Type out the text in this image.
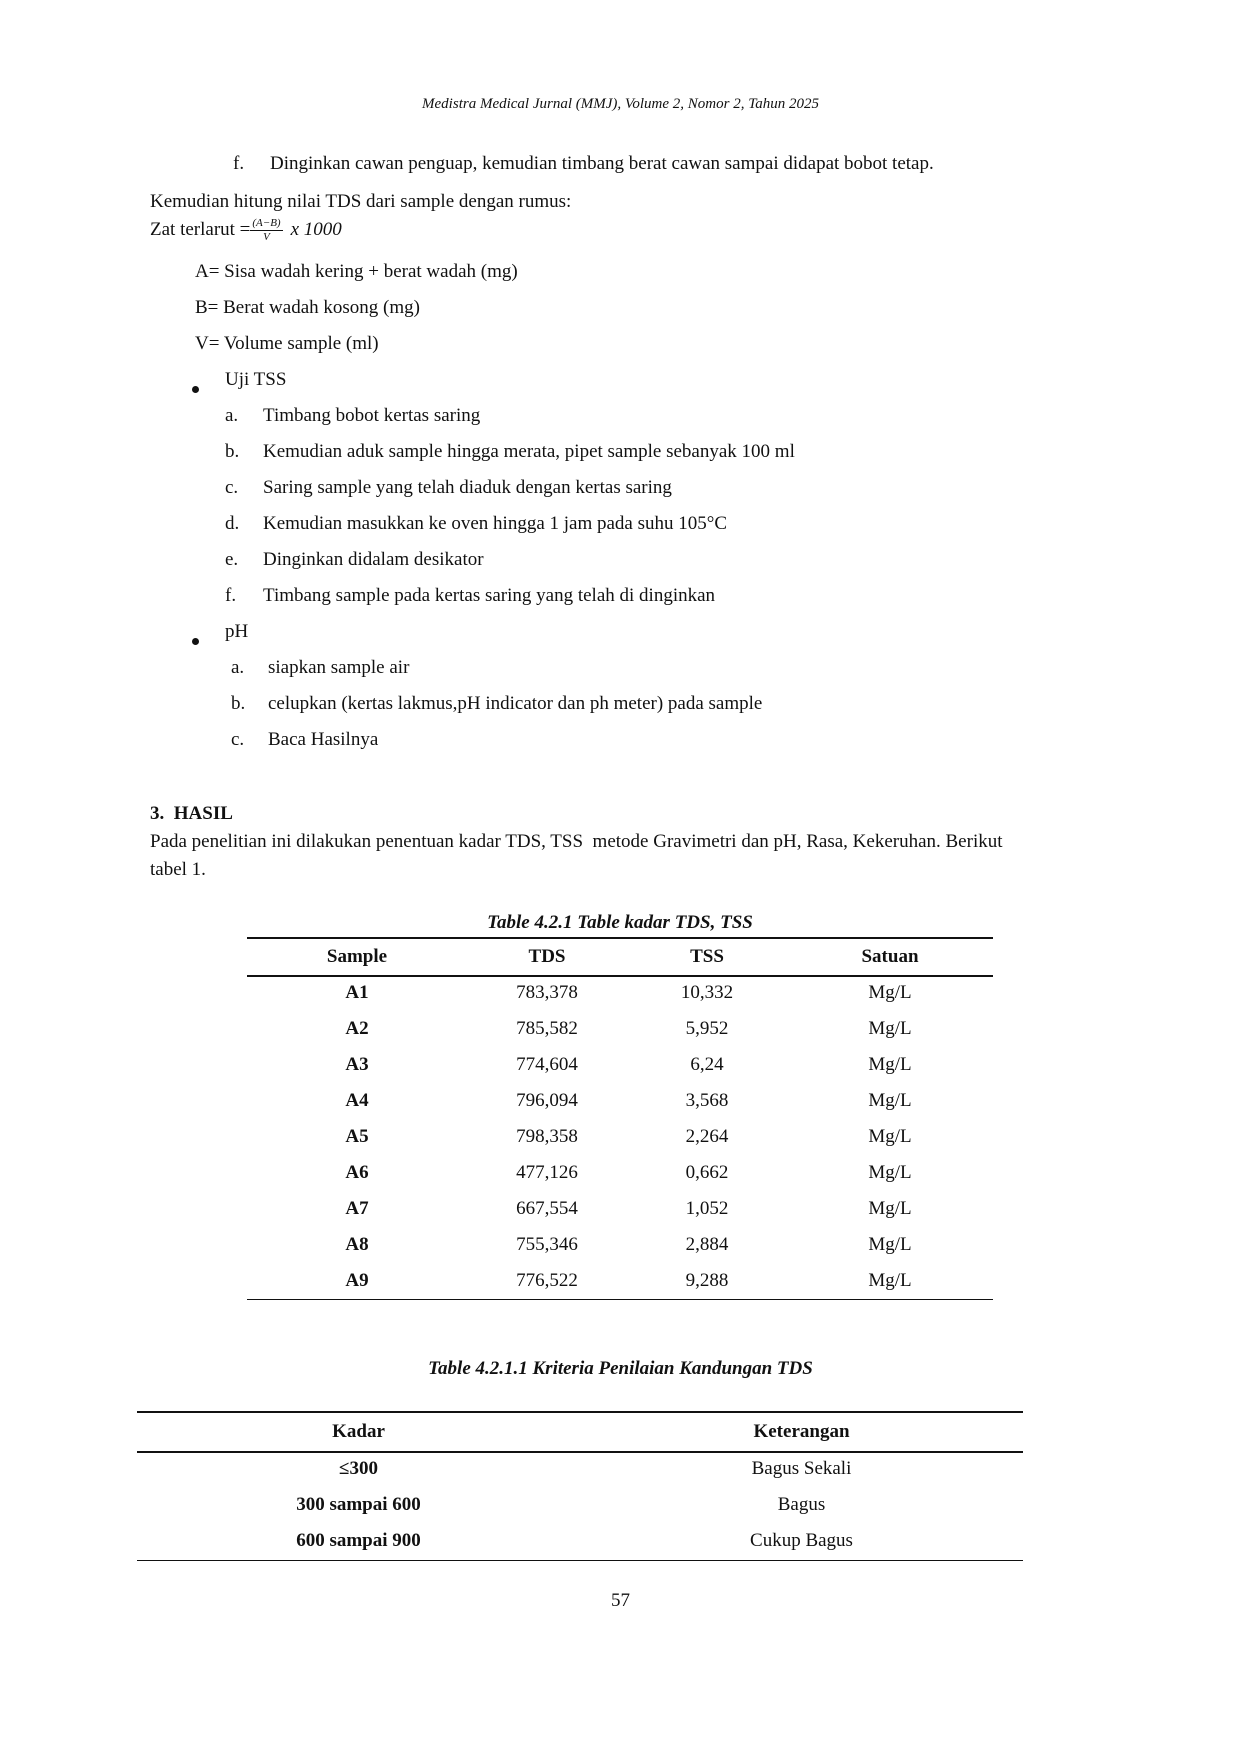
Medistra Medical Jurnal (MMJ), Volume 2, Nomor 2, Tahun 2025
f. Dinginkan cawan penguap, kemudian timbang berat cawan sampai didapat bobot tetap.
Kemudian hitung nilai TDS dari sample dengan rumus:
Zat terlarut = $\frac{(A-B)}{V}$ x 1000
A= Sisa wadah kering + berat wadah (mg)
B= Berat wadah kosong (mg)
V= Volume sample (ml)
Uji TSS
a. Timbang bobot kertas saring
b. Kemudian aduk sample hingga merata, pipet sample sebanyak 100 ml
c. Saring sample yang telah diaduk dengan kertas saring
d. Kemudian masukkan ke oven hingga 1 jam pada suhu 105°C
e. Dinginkan didalam desikator
f. Timbang sample pada kertas saring yang telah di dinginkan
pH
a. siapkan sample air
b. celupkan (kertas lakmus,pH indicator dan ph meter) pada sample
c. Baca Hasilnya
3.  HASIL
Pada penelitian ini dilakukan penentuan kadar TDS, TSS  metode Gravimetri dan pH, Rasa, Kekeruhan. Berikut
tabel 1.
Table 4.2.1 Table kadar TDS, TSS
Sample	TDS	TSS	Satuan
A1	783,378	10,332	Mg/L
A2	785,582	5,952	Mg/L
A3	774,604	6,24	Mg/L
A4	796,094	3,568	Mg/L
A5	798,358	2,264	Mg/L
A6	477,126	0,662	Mg/L
A7	667,554	1,052	Mg/L
A8	755,346	2,884	Mg/L
A9	776,522	9,288	Mg/L
Table 4.2.1.1 Kriteria Penilaian Kandungan TDS
Kadar	Keterangan
≤300	Bagus Sekali
300 sampai 600	Bagus
600 sampai 900	Cukup Bagus
57
